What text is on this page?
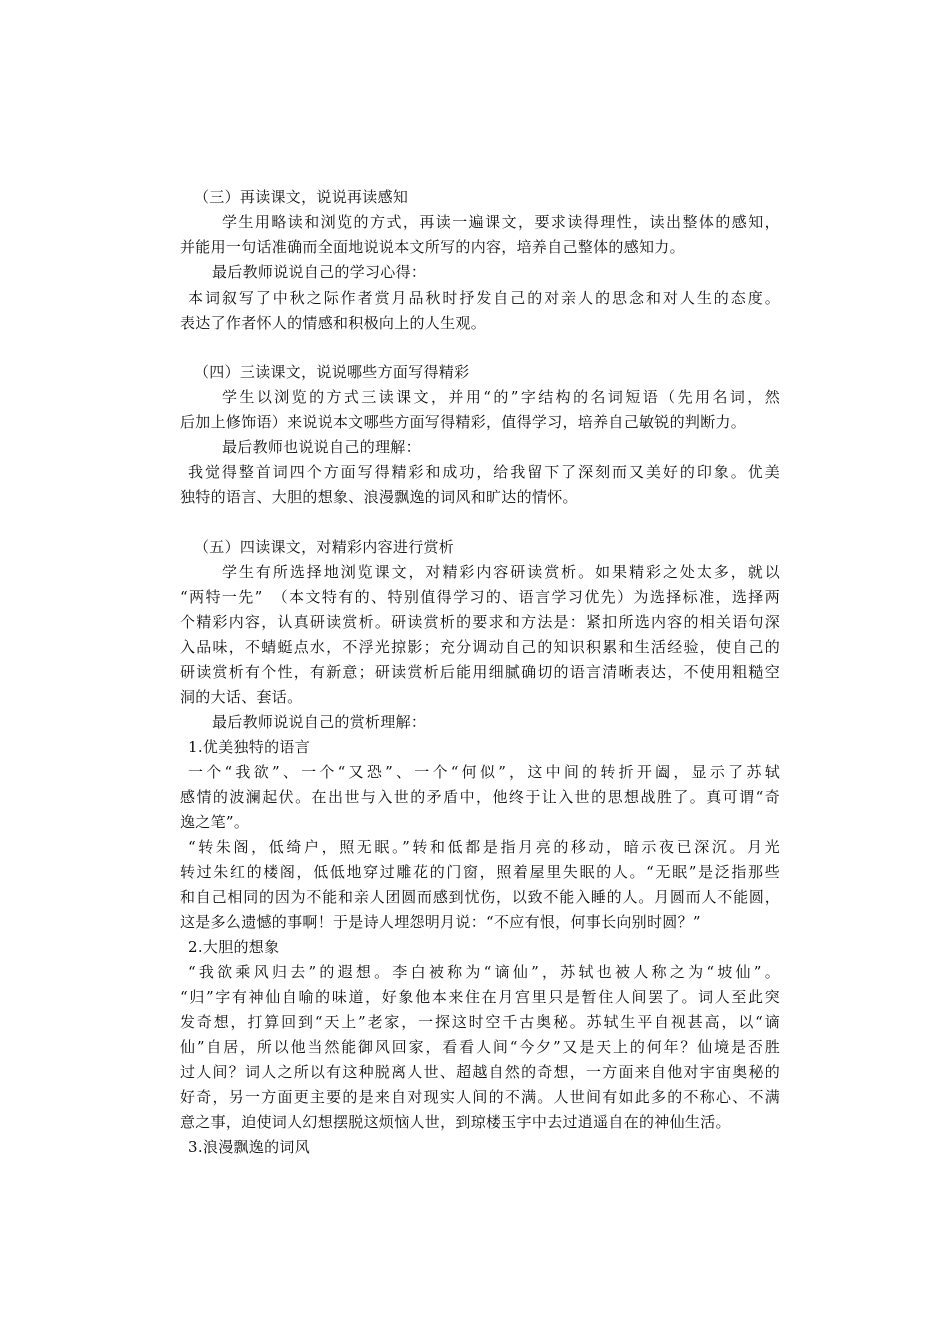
（三）再读课文，说说再读感知
学生用略读和浏览的方式，再读一遍课文，要求读得理性，读出整体的感知，
并能用一句话准确而全面地说说本文所写的内容，培养自己整体的感知力。
最后教师说说自己的学习心得：
本词叙写了中秋之际作者赏月品秋时抒发自己的对亲人的思念和对人生的态度。
表达了作者怀人的情感和积极向上的人生观。
（四）三读课文，说说哪些方面写得精彩
学生以浏览的方式三读课文，并用“的”字结构的名词短语（先用名词，然
后加上修饰语）来说说本文哪些方面写得精彩，值得学习，培养自己敏锐的判断力。
最后教师也说说自己的理解：
我觉得整首词四个方面写得精彩和成功，给我留下了深刻而又美好的印象。优美
独特的语言、大胆的想象、浪漫飘逸的词风和旷达的情怀。
（五）四读课文，对精彩内容进行赏析
学生有所选择地浏览课文，对精彩内容研读赏析。如果精彩之处太多，就以
“两特一先”　（本文特有的、特别值得学习的、语言学习优先）为选择标准，选择两
个精彩内容，认真研读赏析。研读赏析的要求和方法是：紧扣所选内容的相关语句深
入品味，不蜻蜓点水，不浮光掠影；充分调动自己的知识积累和生活经验，使自己的
研读赏析有个性，有新意；研读赏析后能用细腻确切的语言清晰表达，不使用粗糙空
洞的大话、套话。
最后教师说说自己的赏析理解：
1.优美独特的语言
一个“我欲”、一个“又恐”、一个“何似”，这中间的转折开阖，显示了苏轼
感情的波澜起伏。在出世与入世的矛盾中，他终于让入世的思想战胜了。真可谓“奇
逸之笔”。
“转朱阁，低绮户，照无眠。”转和低都是指月亮的移动，暗示夜已深沉。月光
转过朱红的楼阁，低低地穿过雕花的门窗，照着屋里失眠的人。“无眠”是泛指那些
和自己相同的因为不能和亲人团圆而感到忧伤，以致不能入睡的人。月圆而人不能圆，
这是多么遗憾的事啊！于是诗人埋怨明月说：“不应有恨，何事长向别时圆？”
2.大胆的想象
“我欲乘风归去”的遐想。李白被称为“谪仙”，苏轼也被人称之为“坡仙”。
“归”字有神仙自喻的味道，好象他本来住在月宫里只是暂住人间罢了。词人至此突
发奇想，打算回到“天上”老家，一探这时空千古奥秘。苏轼生平自视甚高，以“谪
仙”自居，所以他当然能御风回家，看看人间“今夕”又是天上的何年？仙境是否胜
过人间？词人之所以有这种脱离人世、超越自然的奇想，一方面来自他对宇宙奥秘的
好奇，另一方面更主要的是来自对现实人间的不满。人世间有如此多的不称心、不满
意之事，迫使词人幻想摆脱这烦恼人世，到琼楼玉宇中去过逍遥自在的神仙生活。
3.浪漫飘逸的词风
